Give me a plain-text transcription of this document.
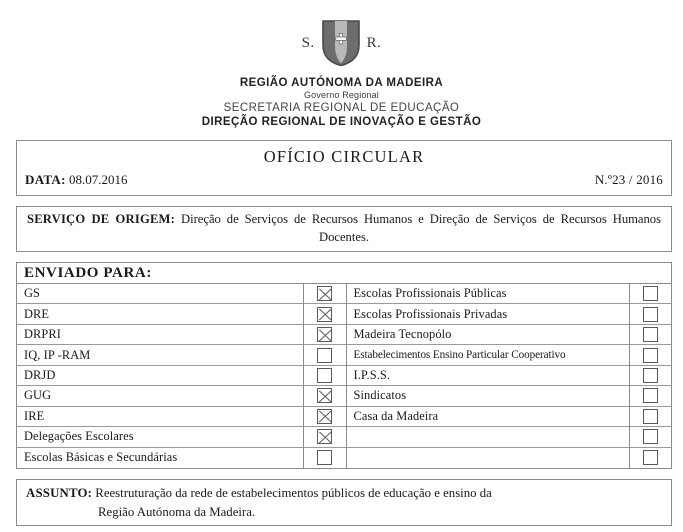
S.	R.
REGIÃO AUTÓNOMA DA MADEIRA
Governo Regional
SECRETARIA REGIONAL DE EDUCAÇÃO
DIREÇÃO REGIONAL DE INOVAÇÃO E GESTÃO
OFÍCIO CIRCULAR
DATA: 08.07.2016	N.º23 / 2016
SERVIÇO DE ORIGEM: Direção de Serviços de Recursos Humanos e Direção de Serviços de Recursos Humanos Docentes.
ENVIADO PARA:
GS
DRE
DRPRI
IQ, IP -RAM
DRJD
GUG
IRE
Delegações Escolares
Escolas Básicas e Secundárias
Escolas Profissionais Públicas
Escolas Profissionais Privadas
Madeira Tecnopólo
Estabelecimentos Ensino Particular Cooperativo
I.P.S.S.
Sindicatos
Casa da Madeira
ASSUNTO: Reestruturação da rede de estabelecimentos públicos de educação e ensino da
Região Autónoma da Madeira.
